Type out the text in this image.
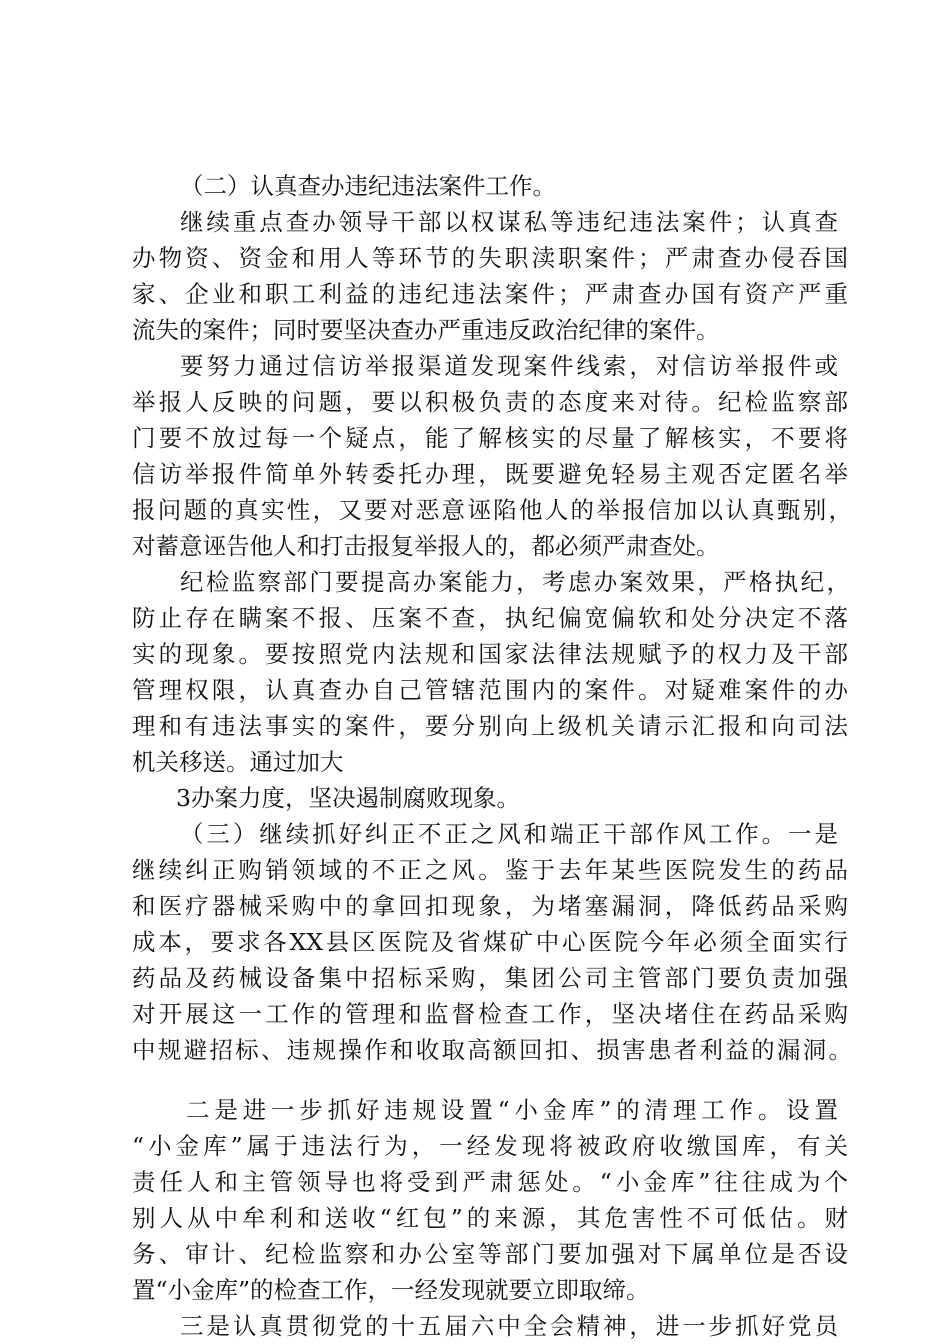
（二）认真查办违纪违法案件工作。
继续重点查办领导干部以权谋私等违纪违法案件；认真查
办物资、资金和用人等环节的失职渎职案件；严肃查办侵吞国
家、企业和职工利益的违纪违法案件；严肃查办国有资产严重
流失的案件；同时要坚决查办严重违反政治纪律的案件。
要努力通过信访举报渠道发现案件线索，对信访举报件或
举报人反映的问题，要以积极负责的态度来对待。纪检监察部
门要不放过每一个疑点，能了解核实的尽量了解核实，不要将
信访举报件简单外转委托办理，既要避免轻易主观否定匿名举
报问题的真实性，又要对恶意诬陷他人的举报信加以认真甄别，
对蓄意诬告他人和打击报复举报人的，都必须严肃查处。
纪检监察部门要提高办案能力，考虑办案效果，严格执纪，
防止存在瞒案不报、压案不查，执纪偏宽偏软和处分决定不落
实的现象。要按照党内法规和国家法律法规赋予的权力及干部
管理权限，认真查办自己管辖范围内的案件。对疑难案件的办
理和有违法事实的案件，要分别向上级机关请示汇报和向司法
机关移送。通过加大
3办案力度，坚决遏制腐败现象。
（三）继续抓好纠正不正之风和端正干部作风工作。一是
继续纠正购销领域的不正之风。鉴于去年某些医院发生的药品
和医疗器械采购中的拿回扣现象，为堵塞漏洞，降低药品采购
成本，要求各XX县区医院及省煤矿中心医院今年必须全面实行
药品及药械设备集中招标采购，集团公司主管部门要负责加强
对开展这一工作的管理和监督检查工作，坚决堵住在药品采购
中规避招标、违规操作和收取高额回扣、损害患者利益的漏洞。
二是进一步抓好违规设置“小金库”的清理工作。设置
“小金库”属于违法行为，一经发现将被政府收缴国库，有关
责任人和主管领导也将受到严肃惩处。“小金库”往往成为个
别人从中牟利和送收“红包”的来源，其危害性不可低估。财
务、审计、纪检监察和办公室等部门要加强对下属单位是否设
置“小金库”的检查工作，一经发现就要立即取缔。
三是认真贯彻党的十五届六中全会精神，进一步抓好党员
